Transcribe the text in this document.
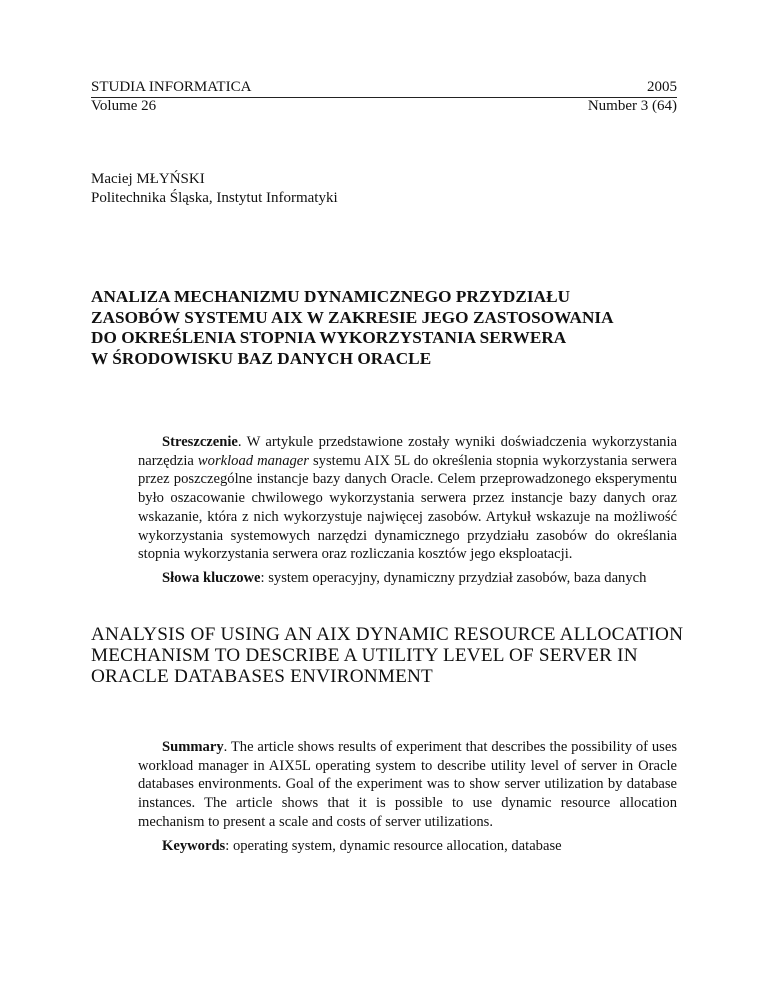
STUDIA INFORMATICA	2005
Volume 26	Number 3 (64)
Maciej MŁYŃSKI
Politechnika Śląska, Instytut Informatyki
ANALIZA MECHANIZMU DYNAMICZNEGO PRZYDZIAŁU
ZASOBÓW SYSTEMU AIX W ZAKRESIE JEGO ZASTOSOWANIA
DO OKREŚLENIA STOPNIA WYKORZYSTANIA SERWERA
W ŚRODOWISKU BAZ DANYCH ORACLE

Streszczenie. W artykule przedstawione zostały wyniki doświadczenia wykorzystania narzędzia workload manager systemu AIX 5L do określenia stopnia wykorzystania serwera przez poszczególne instancje bazy danych Oracle. Celem przeprowadzonego eksperymentu było oszacowanie chwilowego wykorzystania serwera przez instancje bazy danych oraz wskazanie, która z nich wykorzystuje najwięcej zasobów. Artykuł wskazuje na możliwość wykorzystania systemowych narzędzi dynamicznego przydziału zasobów do określania stopnia wykorzystania serwera oraz rozliczania kosztów jego eksploatacji.

Słowa kluczowe: system operacyjny, dynamiczny przydział zasobów, baza danych

ANALYSIS OF USING AN AIX DYNAMIC RESOURCE ALLOCATION
MECHANISM TO DESCRIBE A UTILITY LEVEL OF SERVER IN
ORACLE DATABASES ENVIRONMENT

Summary. The article shows results of experiment that describes the possibility of uses workload manager in AIX5L operating system to describe utility level of server in Oracle databases environments. Goal of the experiment was to show server utilization by database instances. The article shows that it is possible to use dynamic resource allocation mechanism to present a scale and costs of server utilizations.

Keywords: operating system, dynamic resource allocation, database
